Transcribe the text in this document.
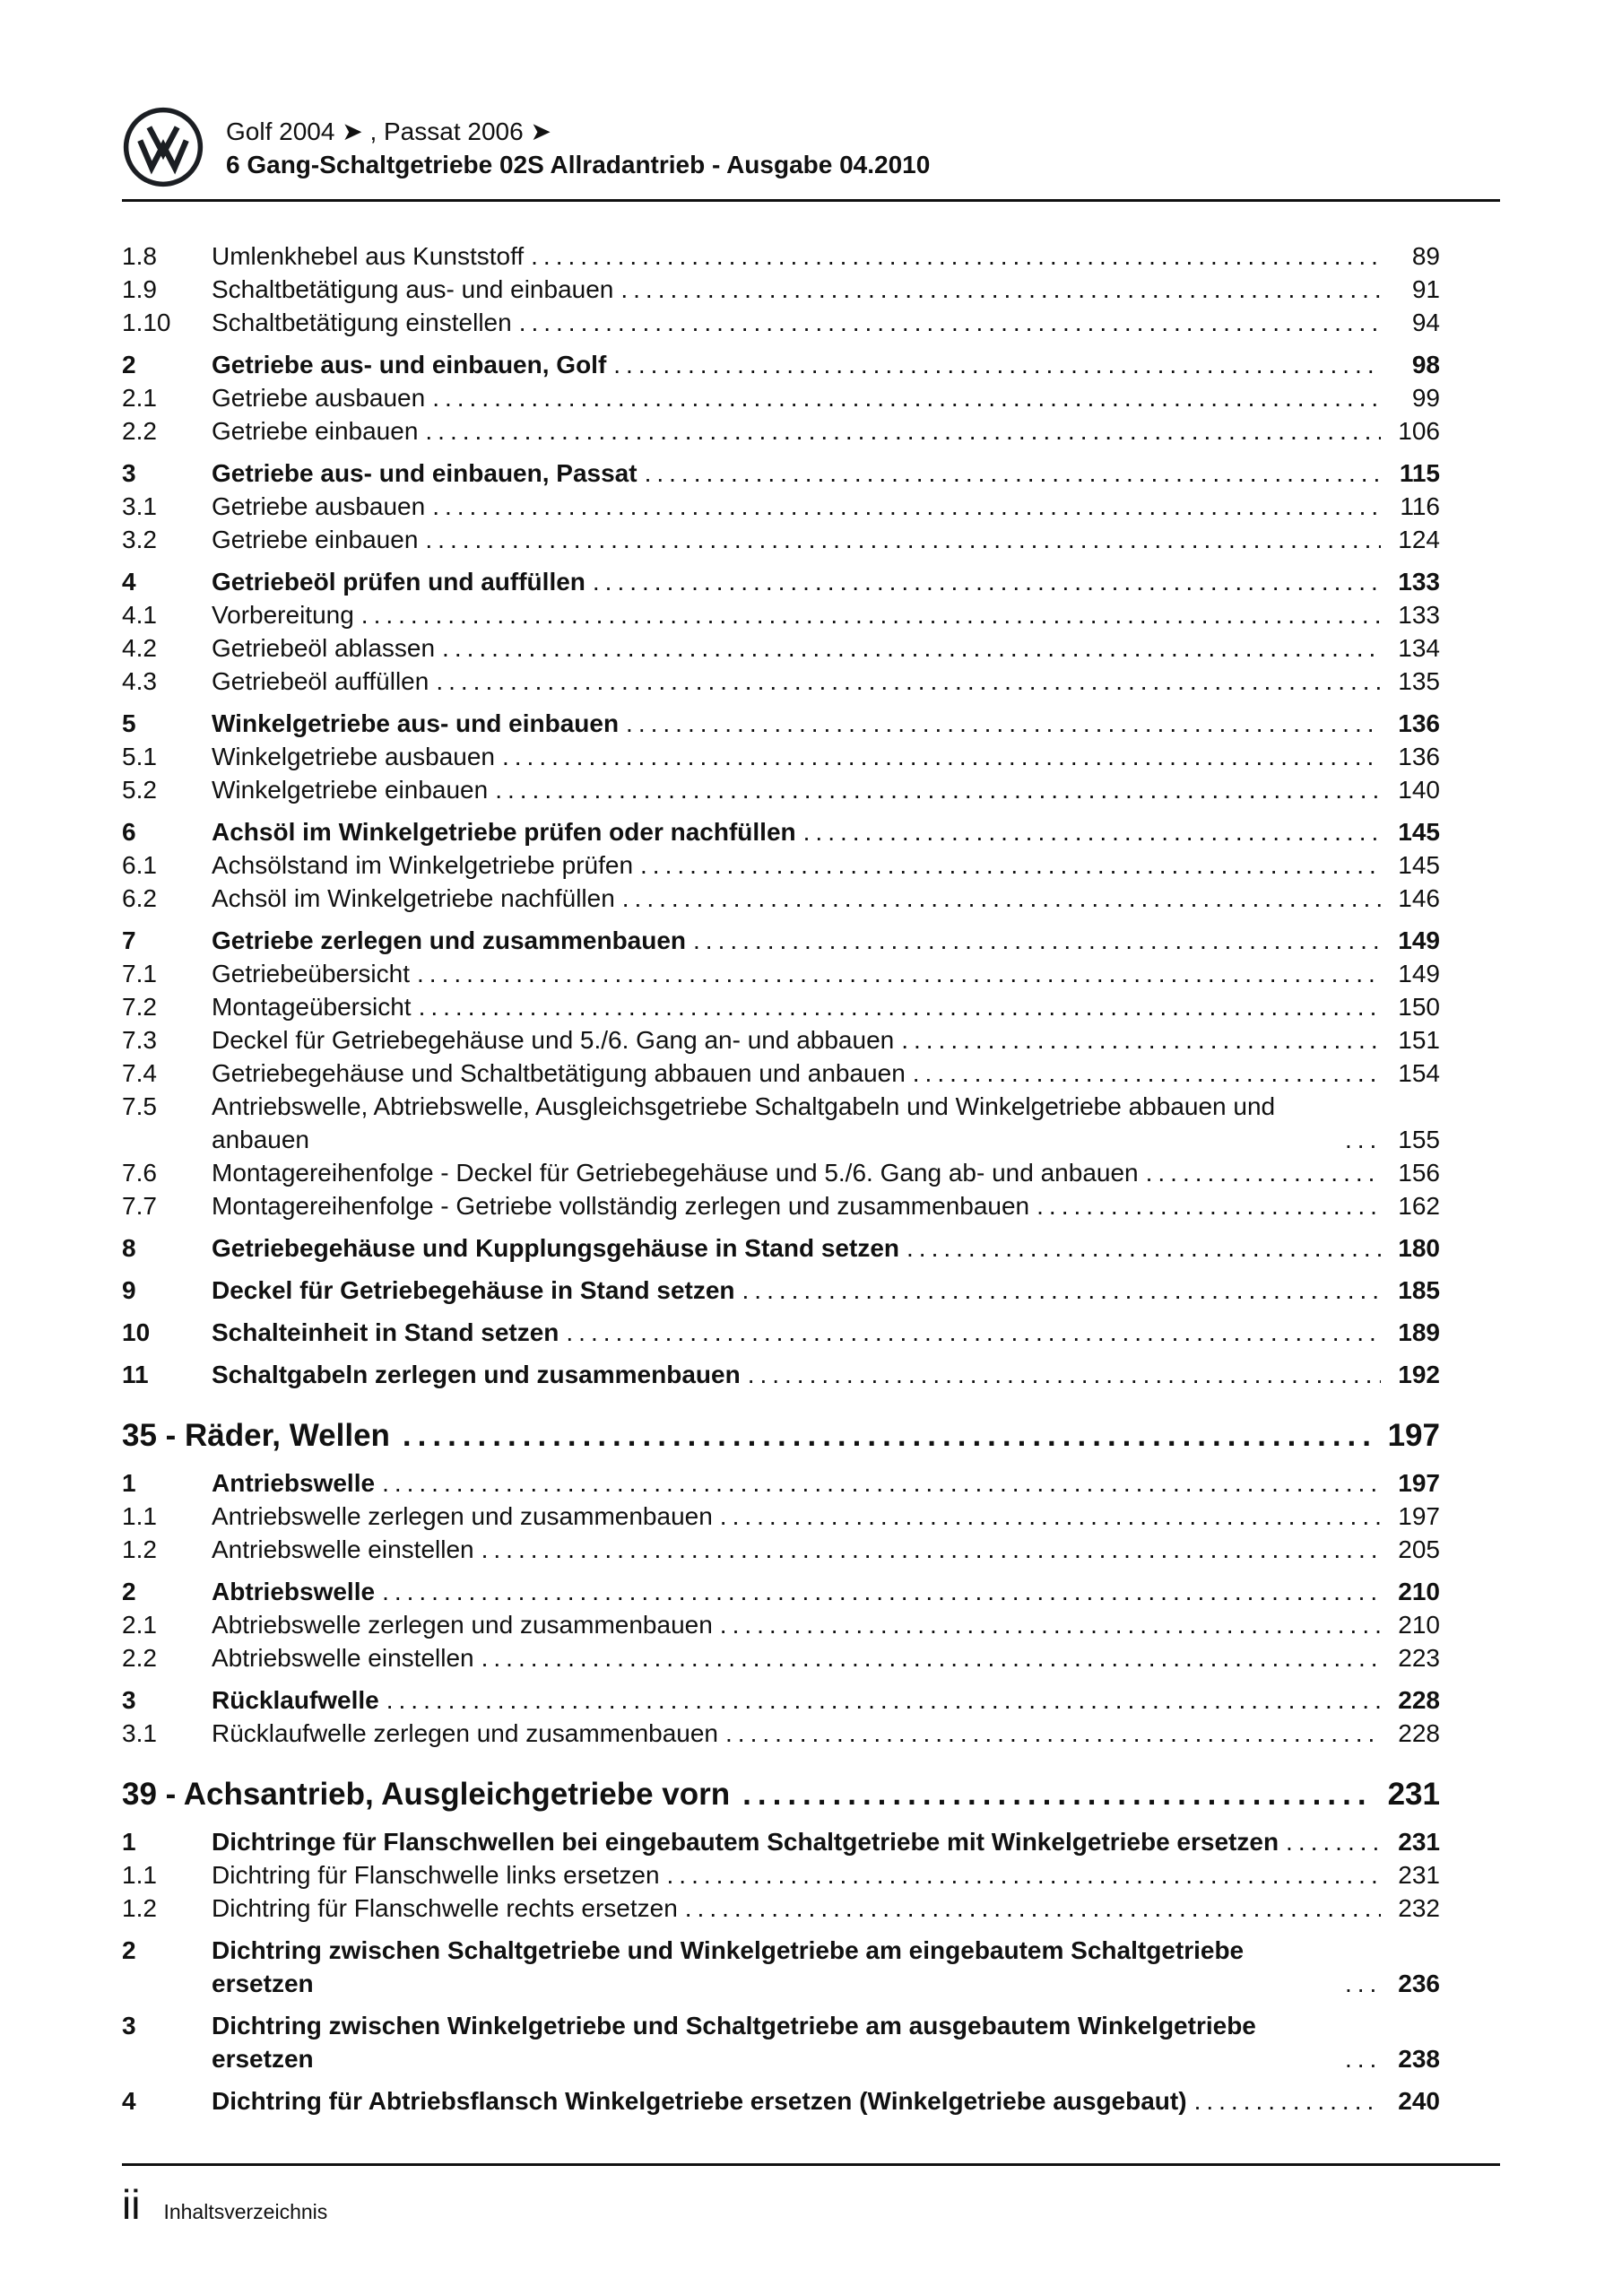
Golf 2004 ➤ , Passat 2006 ➤
6 Gang-Schaltgetriebe 02S Allradantrieb - Ausgabe 04.2010
1.8	Umlenkhebel aus Kunststoff .....	89
1.9	Schaltbetätigung aus- und einbauen .....	91
1.10	Schaltbetätigung einstellen .....	94
2	Getriebe aus- und einbauen, Golf .....	98
2.1	Getriebe ausbauen .....	99
2.2	Getriebe einbauen .....	106
3	Getriebe aus- und einbauen, Passat .....	115
3.1	Getriebe ausbauen .....	116
3.2	Getriebe einbauen .....	124
4	Getriebeöl prüfen und auffüllen .....	133
4.1	Vorbereitung .....	133
4.2	Getriebeöl ablassen .....	134
4.3	Getriebeöl auffüllen .....	135
5	Winkelgetriebe aus- und einbauen .....	136
5.1	Winkelgetriebe ausbauen .....	136
5.2	Winkelgetriebe einbauen .....	140
6	Achsöl im Winkelgetriebe prüfen oder nachfüllen .....	145
6.1	Achsölstand im Winkelgetriebe prüfen .....	145
6.2	Achsöl im Winkelgetriebe nachfüllen .....	146
7	Getriebe zerlegen und zusammenbauen .....	149
7.1	Getriebeübersicht .....	149
7.2	Montageübersicht .....	150
7.3	Deckel für Getriebegehäuse und 5./6. Gang an- und abbauen .....	151
7.4	Getriebegehäuse und Schaltbetätigung abbauen und anbauen .....	154
7.5	Antriebswelle, Abtriebswelle, Ausgleichsgetriebe Schaltgabeln und Winkelgetriebe abbauen und anbauen .....	155
7.6	Montagereihenfolge - Deckel für Getriebegehäuse und 5./6. Gang ab- und anbauen .....	156
7.7	Montagereihenfolge - Getriebe vollständig zerlegen und zusammenbauen .....	162
8	Getriebegehäuse und Kupplungsgehäuse in Stand setzen .....	180
9	Deckel für Getriebegehäuse in Stand setzen .....	185
10	Schalteinheit in Stand setzen .....	189
11	Schaltgabeln zerlegen und zusammenbauen .....	192
35 - Räder, Wellen .....	197
1	Antriebswelle .....	197
1.1	Antriebswelle zerlegen und zusammenbauen .....	197
1.2	Antriebswelle einstellen .....	205
2	Abtriebswelle .....	210
2.1	Abtriebswelle zerlegen und zusammenbauen .....	210
2.2	Abtriebswelle einstellen .....	223
3	Rücklaufwelle .....	228
3.1	Rücklaufwelle zerlegen und zusammenbauen .....	228
39 - Achsantrieb, Ausgleichgetriebe vorn .....	231
1	Dichtringe für Flanschwellen bei eingebautem Schaltgetriebe mit Winkelgetriebe ersetzen .....	231
1.1	Dichtring für Flanschwelle links ersetzen .....	231
1.2	Dichtring für Flanschwelle rechts ersetzen .....	232
2	Dichtring zwischen Schaltgetriebe und Winkelgetriebe am eingebautem Schaltgetriebe ersetzen .....	236
3	Dichtring zwischen Winkelgetriebe und Schaltgetriebe am ausgebautem Winkelgetriebe ersetzen .....	238
4	Dichtring für Abtriebsflansch Winkelgetriebe ersetzen (Winkelgetriebe ausgebaut) .....	240
ii Inhaltsverzeichnis
